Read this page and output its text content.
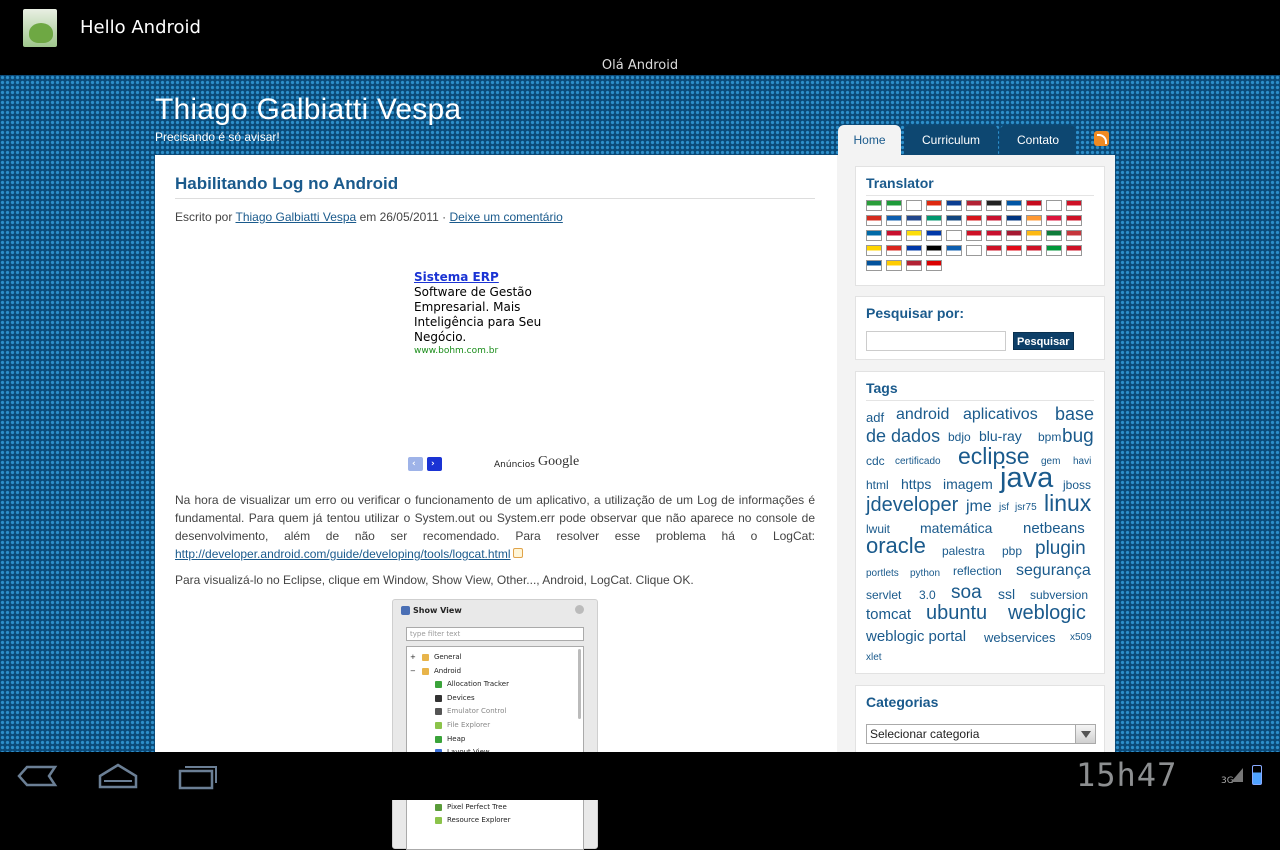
Hello Android
Olá Android
Thiago Galbiatti Vespa
Precisando é só avisar!	Home	Curriculum	Contato
Habilitando Log no Android
Escrito por Thiago Galbiatti Vespa em 26/05/2011 · Deixe um comentário
Sistema ERP
Software de Gestão
Empresarial. Mais
Inteligência para Seu
Negócio.
www.bohm.com.br
‹ ›	Anúncios Google
Na hora de visualizar um erro ou verificar o funcionamento de um aplicativo, a utilização de um Log de informações é fundamental. Para quem já tentou utilizar o System.out ou System.err pode observar que não aparece no console de desenvolvimento, além de não ser recomendado. Para resolver esse problema há o LogCat: http://developer.android.com/guide/developing/tools/logcat.html
Para visualizá-lo no Eclipse, clique em Window, Show View, Other..., Android, LogCat. Clique OK.
Show View
type filter text
+	General
−	Android
Allocation Tracker
Devices
Emulator Control
File Explorer
Heap
Pixel Perfect Tree
Resource Explorer
Translator
Pesquisar por:
Pesquisar
Tags
adf android aplicativos base
de dados bdjo blu-ray bpm bug
cdc certificado eclipse gem havi
html https imagem java jboss
jdeveloper jme jsf jsr75 linux
lwuit matemática netbeans
oracle palestra pbp plugin
portlets python reflection segurança
servlet 3.0 soa ssl subversion
tomcat ubuntu weblogic
weblogic portal webservices x509
xlet
Categorias
Selecionar categoria
15h47	3G
